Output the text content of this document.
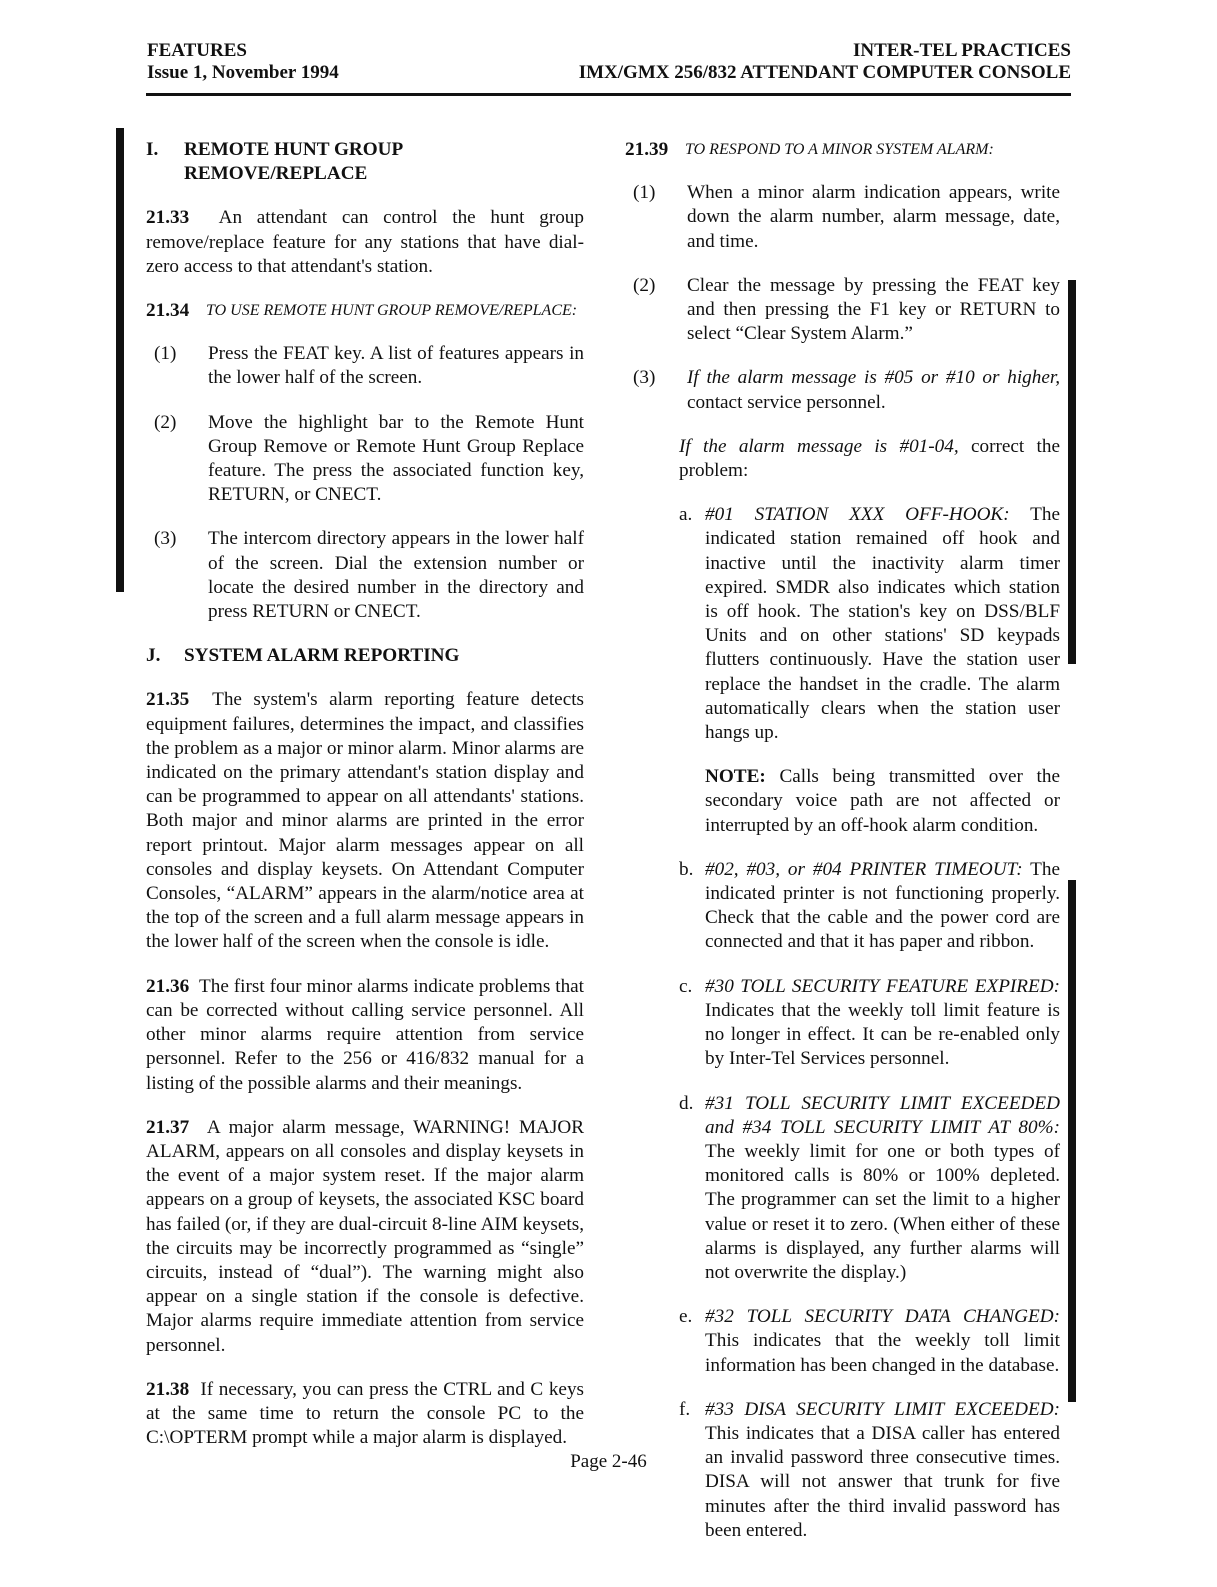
FEATURES
Issue 1, November 1994
INTER-TEL PRACTICES
IMX/GMX 256/832 ATTENDANT COMPUTER CONSOLE
I.	REMOTE HUNT GROUP REMOVE/REPLACE

21.33 An attendant can control the hunt group remove/replace feature for any stations that have dial-zero access to that attendant's station.

21.34	TO USE REMOTE HUNT GROUP REMOVE/REPLACE:
(1)	Press the FEAT key. A list of features appears in the lower half of the screen.
(2)	Move the highlight bar to the Remote Hunt Group Remove or Remote Hunt Group Replace feature. The press the associated function key, RETURN, or CNECT.
(3)	The intercom directory appears in the lower half of the screen. Dial the extension number or locate the desired number in the directory and press RETURN or CNECT.
J.	SYSTEM ALARM REPORTING

21.35 The system's alarm reporting feature detects equipment failures, determines the impact, and classifies the problem as a major or minor alarm. Minor alarms are indicated on the primary attendant's station display and can be programmed to appear on all attendants' stations. Both major and minor alarms are printed in the error report printout. Major alarm messages appear on all consoles and display keysets. On Attendant Computer Consoles, “ALARM” appears in the alarm/notice area at the top of the screen and a full alarm message appears in the lower half of the screen when the console is idle.

21.36 The first four minor alarms indicate problems that can be corrected without calling service personnel. All other minor alarms require attention from service personnel. Refer to the 256 or 416/832 manual for a listing of the possible alarms and their meanings.

21.37 A major alarm message, WARNING! MAJOR ALARM, appears on all consoles and display keysets in the event of a major system reset. If the major alarm appears on a group of keysets, the associated KSC board has failed (or, if they are dual-circuit 8-line AIM keysets, the circuits may be incorrectly programmed as “single” circuits, instead of “dual”). The warning might also appear on a single station if the console is defective. Major alarms require immediate attention from service personnel.

21.38 If necessary, you can press the CTRL and C keys at the same time to return the console PC to the C:\OPTERM prompt while a major alarm is displayed.

21.39	TO RESPOND TO A MINOR SYSTEM ALARM:
(1)	When a minor alarm indication appears, write down the alarm number, alarm message, date, and time.
(2)	Clear the message by pressing the FEAT key and then pressing the F1 key or RETURN to select “Clear System Alarm.”
(3)	If the alarm message is #05 or #10 or higher, contact service personnel.

If the alarm message is #01-04, correct the problem:

a. #01 STATION XXX OFF-HOOK: The indicated station remained off hook and inactive until the inactivity alarm timer expired. SMDR also indicates which station is off hook. The station's key on DSS/BLF Units and on other stations' SD keypads flutters continuously. Have the station user replace the handset in the cradle. The alarm automatically clears when the station user hangs up.

NOTE: Calls being transmitted over the secondary voice path are not affected or interrupted by an off-hook alarm condition.

b. #02, #03, or #04 PRINTER TIMEOUT: The indicated printer is not functioning properly. Check that the cable and the power cord are connected and that it has paper and ribbon.
c. #30 TOLL SECURITY FEATURE EXPIRED: Indicates that the weekly toll limit feature is no longer in effect. It can be re-enabled only by Inter-Tel Services personnel.
d. #31 TOLL SECURITY LIMIT EXCEEDED and #34 TOLL SECURITY LIMIT AT 80%: The weekly limit for one or both types of monitored calls is 80% or 100% depleted. The programmer can set the limit to a higher value or reset it to zero. (When either of these alarms is displayed, any further alarms will not overwrite the display.)
e. #32 TOLL SECURITY DATA CHANGED: This indicates that the weekly toll limit information has been changed in the database.
f. #33 DISA SECURITY LIMIT EXCEEDED: This indicates that a DISA caller has entered an invalid password three consecutive times. DISA will not answer that trunk for five minutes after the third invalid password has been entered.
Page 2-46
